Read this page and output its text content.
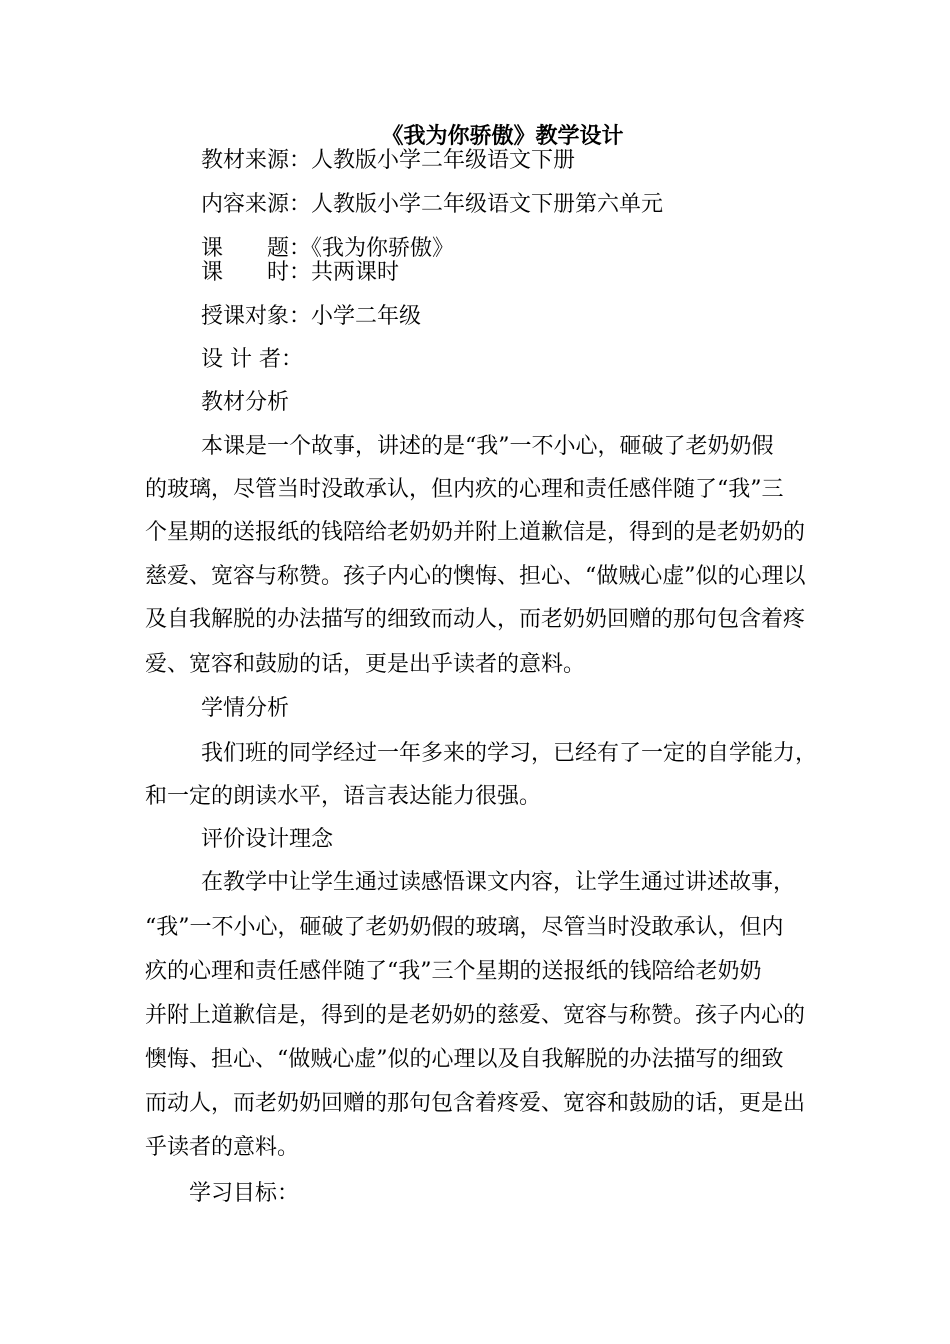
《我为你骄傲》教学设计
教材来源：人教版小学二年级语文下册
内容来源：人教版小学二年级语文下册第六单元
课　　题：《我为你骄傲》
课　　时：共两课时
授课对象：小学二年级
设 计 者：
教材分析
本课是一个故事，讲述的是“我”一不小心，砸破了老奶奶假
的玻璃，尽管当时没敢承认，但内疚的心理和责任感伴随了“我”三
个星期的送报纸的钱陪给老奶奶并附上道歉信是，得到的是老奶奶的
慈爱、宽容与称赞。孩子内心的懊悔、担心、“做贼心虚”似的心理以
及自我解脱的办法描写的细致而动人，而老奶奶回赠的那句包含着疼
爱、宽容和鼓励的话，更是出乎读者的意料。
学情分析
我们班的同学经过一年多来的学习，已经有了一定的自学能力，
和一定的朗读水平，语言表达能力很强。
评价设计理念
在教学中让学生通过读感悟课文内容，让学生通过讲述故事，
“我”一不小心，砸破了老奶奶假的玻璃，尽管当时没敢承认，但内
疚的心理和责任感伴随了“我”三个星期的送报纸的钱陪给老奶奶
并附上道歉信是，得到的是老奶奶的慈爱、宽容与称赞。孩子内心的
懊悔、担心、“做贼心虚”似的心理以及自我解脱的办法描写的细致
而动人，而老奶奶回赠的那句包含着疼爱、宽容和鼓励的话，更是出
乎读者的意料。
学习目标：
